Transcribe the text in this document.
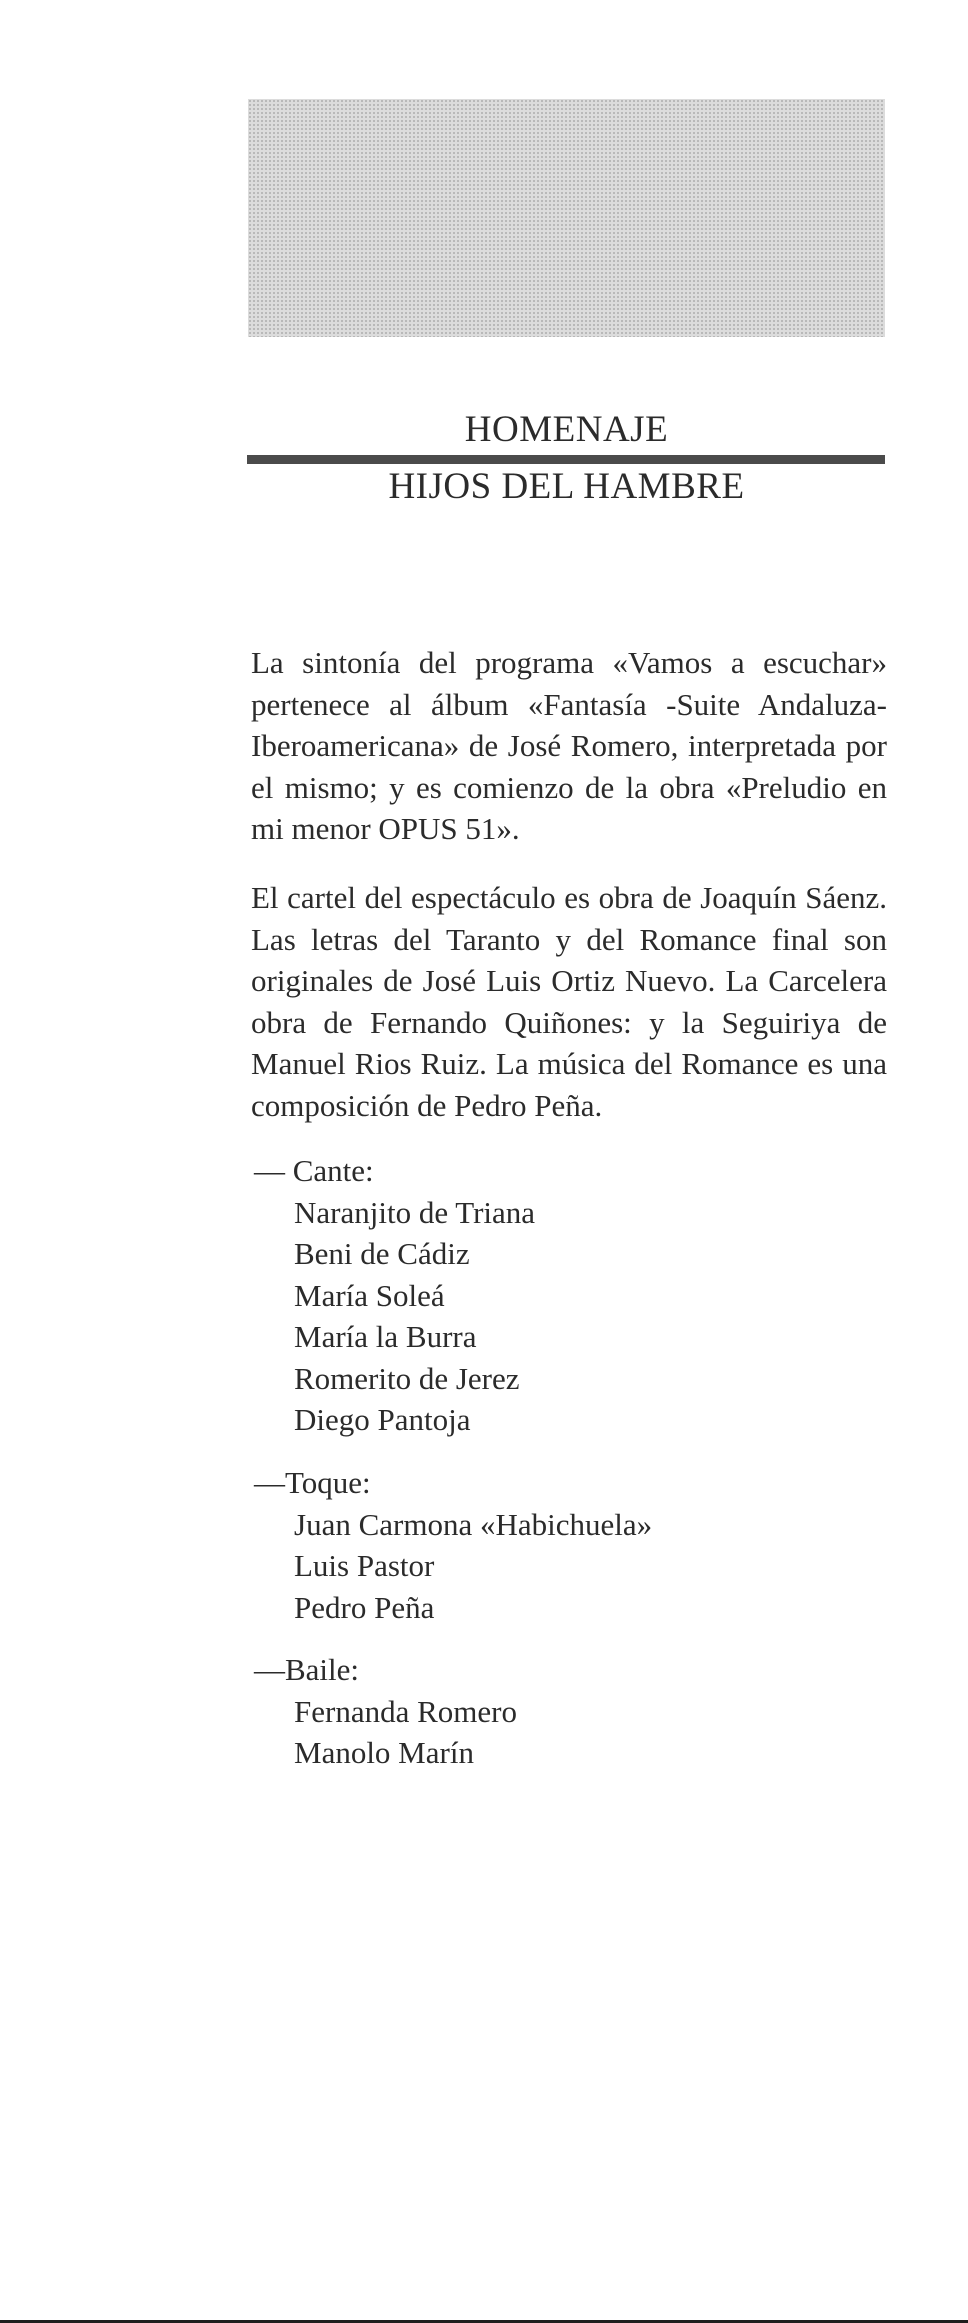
HOMENAJE
HIJOS DEL HAMBRE

La sintonía del programa «Vamos a escuchar» pertenece al álbum «Fantasía -Suite Andaluza-Iberoamericana» de José Romero, interpretada por el mismo; y es comienzo de la obra «Preludio en mi menor OPUS 51».

El cartel del espectáculo es obra de Joaquín Sáenz. Las letras del Taranto y del Romance final son originales de José Luis Ortiz Nuevo. La Carcelera obra de Fernando Quiñones: y la Seguiriya de Manuel Rios Ruiz. La música del Romance es una composición de Pedro Peña.

— Cante:
Naranjito de Triana
Beni de Cádiz
María Soleá
María la Burra
Romerito de Jerez
Diego Pantoja
—Toque:
Juan Carmona «Habichuela»
Luis Pastor
Pedro Peña
—Baile:
Fernanda Romero
Manolo Marín
